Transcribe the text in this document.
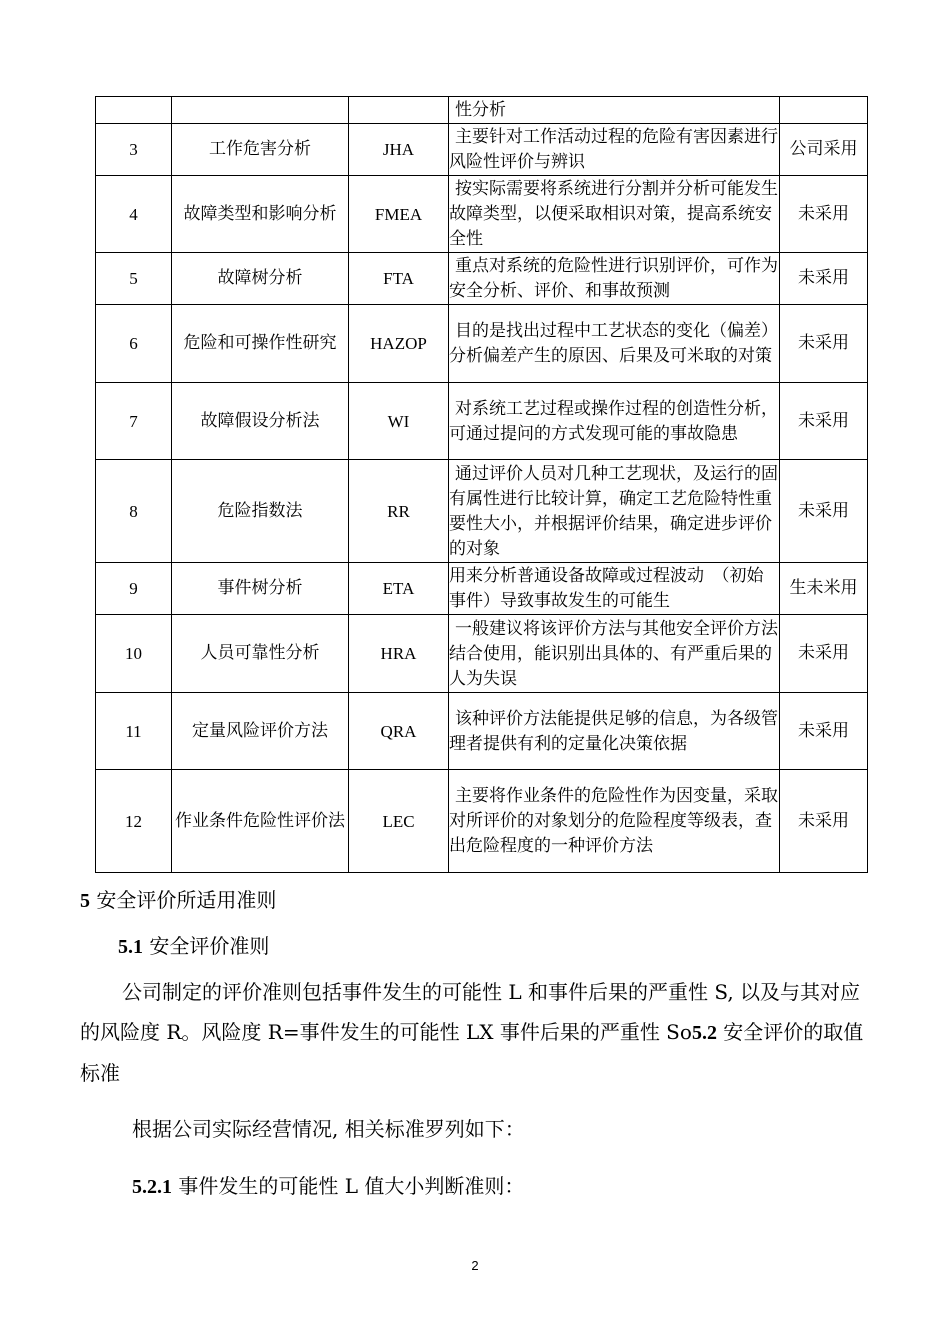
			性分析	

3	工作危害分析	JHA	主要针对工作活动过程的危险有害因素进行风险性评价与辨识	公司采用
4	故障类型和影响分析	FMEA	按实际需要将系统进行分割并分析可能发生故障类型，以便采取相识对策，提高系统安全性	未采用
5	故障树分析	FTA	重点对系统的危险性进行识别评价，可作为安全分析、评价、和事故预测	未采用
6	危险和可操作性研究	HAZOP	目的是找出过程中工艺状态的变化（偏差）分析偏差产生的原因、后果及可米取的对策	未采用
7	故障假设分析法	WI	对系统工艺过程或操作过程的创造性分析，可通过提问的方式发现可能的事故隐患	未采用
8	危险指数法	RR	通过评价人员对几种工艺现状，及运行的固有属性进行比较计算，确定工艺危险特性重要性大小，并根据评价结果，确定进步评价的对象	未采用
9	事件树分析	ETA	用来分析普通设备故障或过程波动　（初始事件）导致事故发生的可能生	生未米用
10	人员可靠性分析	HRA	一般建议将该评价方法与其他安全评价方法结合使用，能识别出具体的、有严重后果的人为失误	未采用
11	定量风险评价方法	QRA	该种评价方法能提供足够的信息，为各级管理者提供有利的定量化决策依据	未采用
12	作业条件危险性评价法	LEC	主要将作业条件的危险性作为因变量，采取对所评价的对象划分的危险程度等级表，查出危险程度的一种评价方法	未采用
5 安全评价所适用准则
5.1 安全评价准则
公司制定的评价准则包括事件发生的可能性 L 和事件后果的严重性 S, 以及与其对应的风险度 R。风险度 R=事件发生的可能性 LX 事件后果的严重性 So5.2 安全评价的取值标准
根据公司实际经营情况, 相关标准罗列如下：
5.2.1 事件发生的可能性 L 值大小判断准则：
2
